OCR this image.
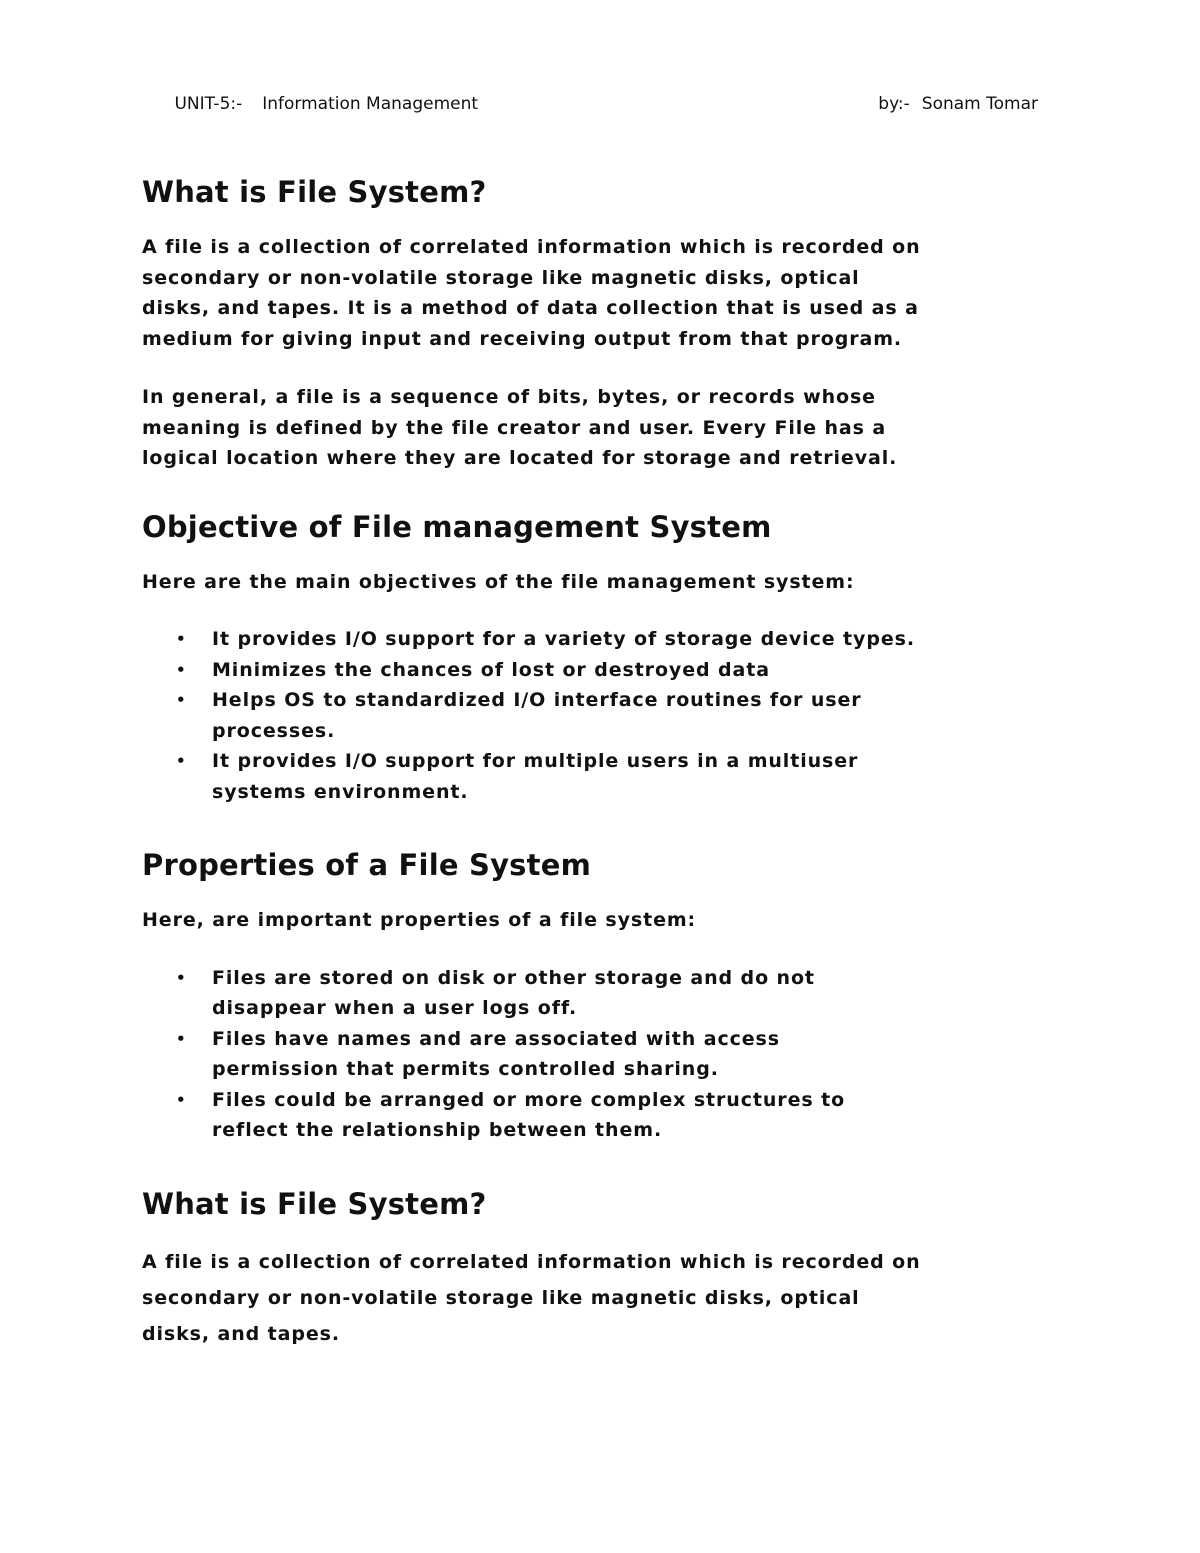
UNIT-5:- Information Management
	by:- Sonam Tomar

What is File System?

A file is a collection of correlated information which is recorded on secondary or non-volatile storage like magnetic disks, optical disks, and tapes. It is a method of data collection that is used as a medium for giving input and receiving output from that program.

In general, a file is a sequence of bits, bytes, or records whose meaning is defined by the file creator and user. Every File has a logical location where they are located for storage and retrieval.

Objective of File management System

Here are the main objectives of the file management system:

• It provides I/O support for a variety of storage device types.
• Minimizes the chances of lost or destroyed data
• Helps OS to standardized I/O interface routines for user processes.
• It provides I/O support for multiple users in a multiuser systems environment.
Properties of a File System

Here, are important properties of a file system:

• Files are stored on disk or other storage and do not disappear when a user logs off.
• Files have names and are associated with access permission that permits controlled sharing.
• Files could be arranged or more complex structures to reflect the relationship between them.
What is File System?

A file is a collection of correlated information which is recorded on secondary or non-volatile storage like magnetic disks, optical disks, and tapes.
